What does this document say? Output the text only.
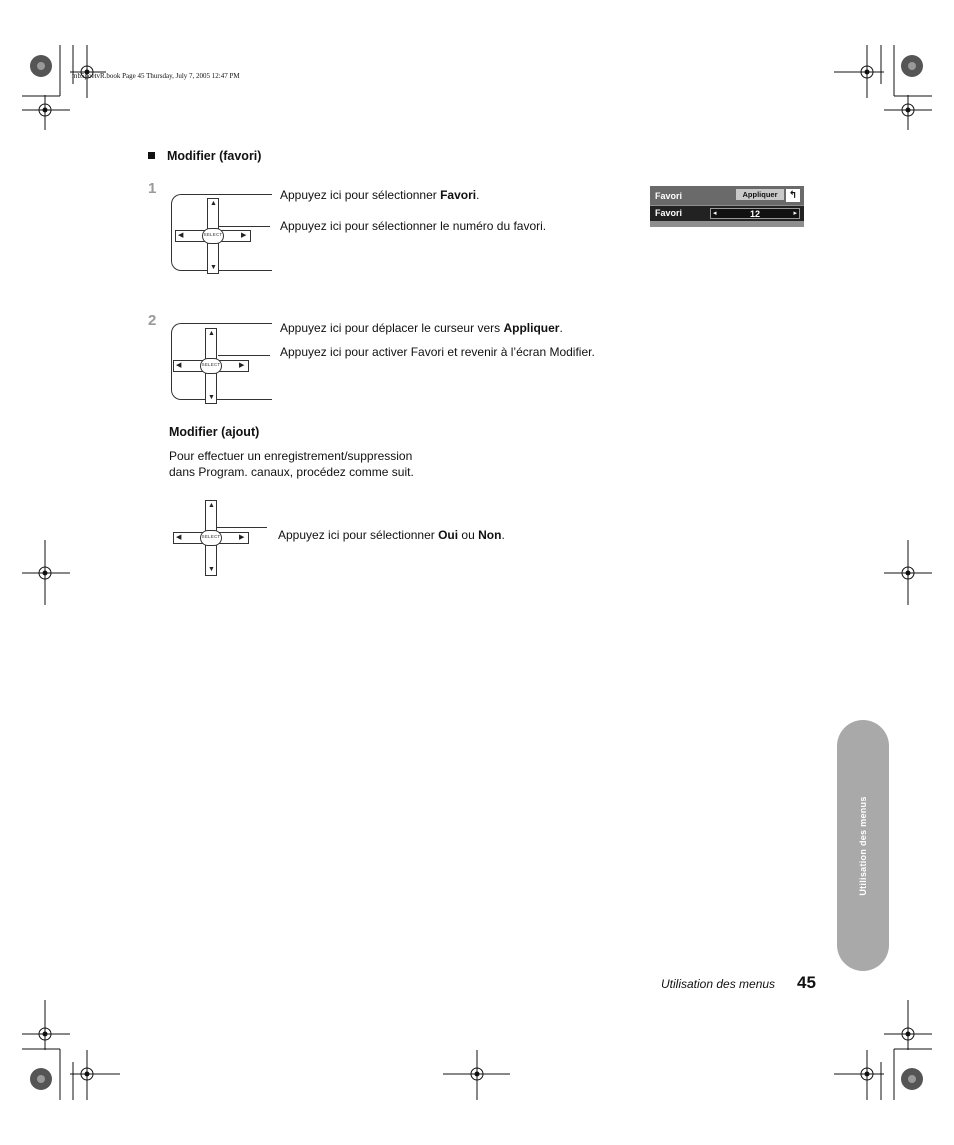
mb5poetvR.book Page 45 Thursday, July 7, 2005 12:47 PM
Modifier (favori)
1
SELECT
▲
▼
◀	▶
Appuyez ici pour sélectionner Favori.
Appuyez ici pour sélectionner le numéro du favori.
Favori	Appliquer	↰
Favori	◂	12	▸
2
SELECT
▲
▼
◀	▶
Appuyez ici pour déplacer le curseur vers Appliquer.
Appuyez ici pour activer Favori et revenir à l’écran Modifier.
Modifier (ajout)
Pour effectuer un enregistrement/suppression
dans Program. canaux, procédez comme suit.
SELECT
▲
▼
◀	▶	Appuyez ici pour sélectionner Oui ou Non.
Utilisation des menus
Utilisation des menus 45
